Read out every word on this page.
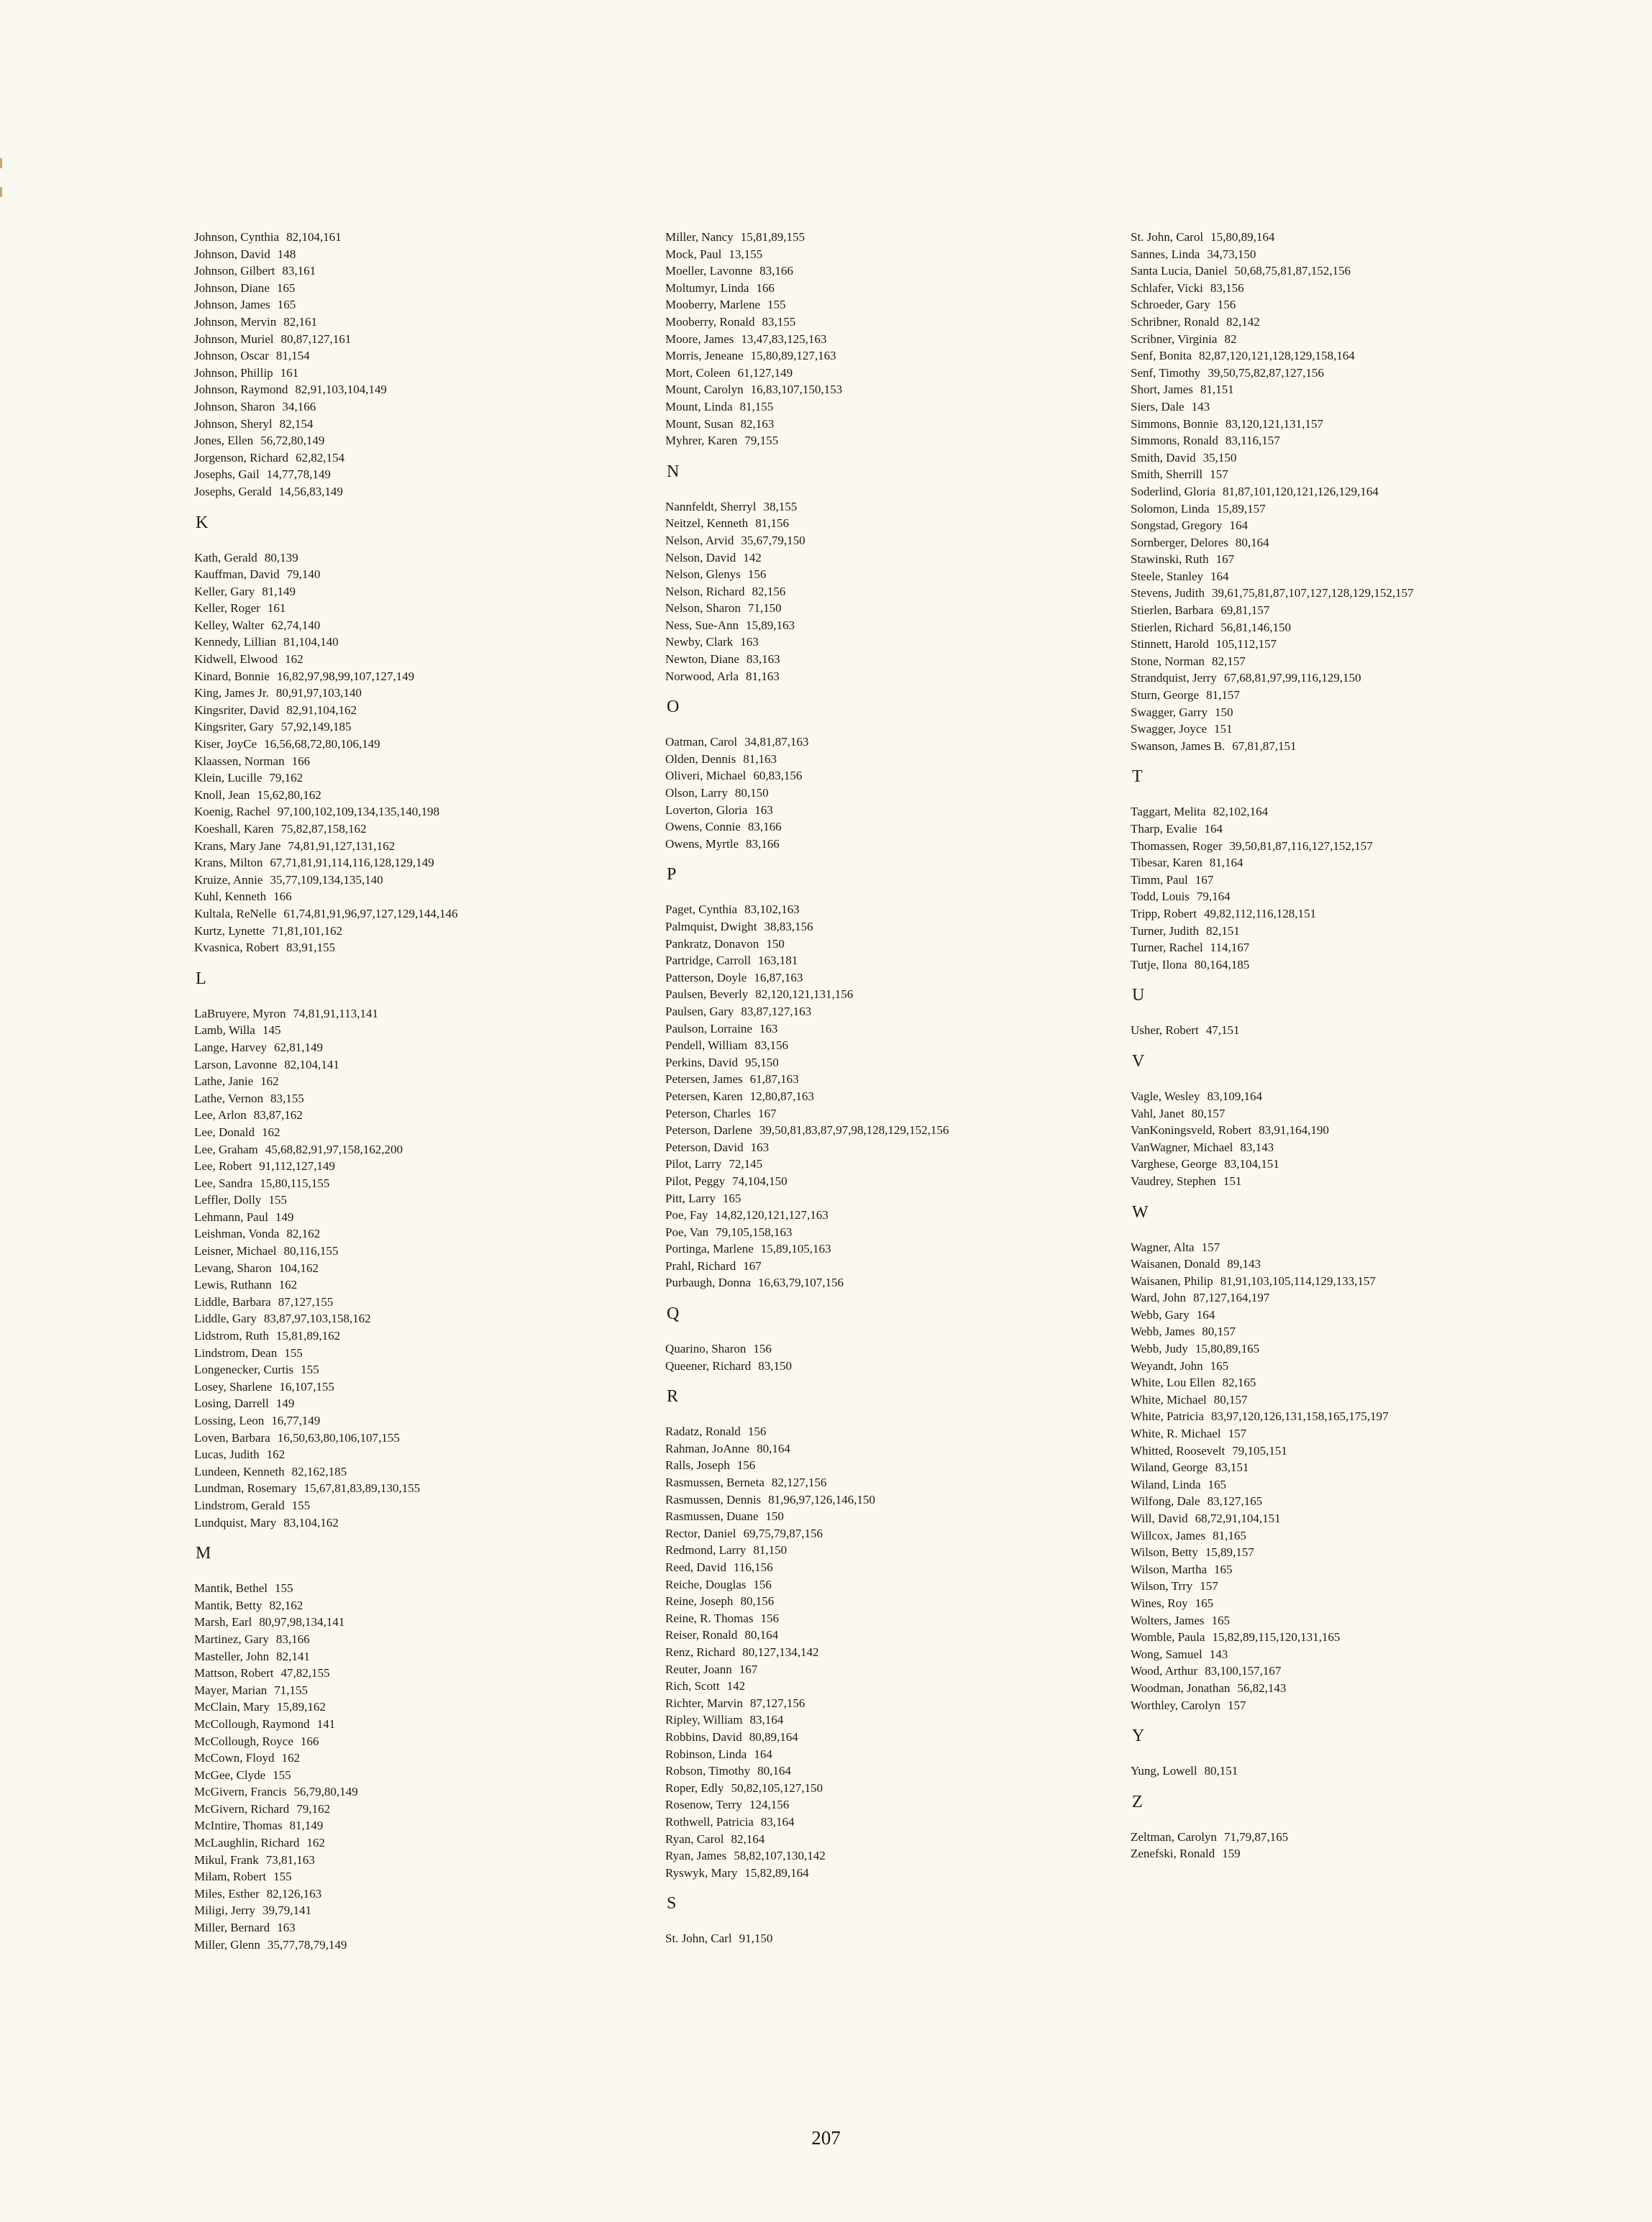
Johnson, Cynthia 82,104,161
Johnson, David 148
Johnson, Gilbert 83,161
Johnson, Diane 165
Johnson, James 165
Johnson, Mervin 82,161
Johnson, Muriel 80,87,127,161
Johnson, Oscar 81,154
Johnson, Phillip 161
Johnson, Raymond 82,91,103,104,149
Johnson, Sharon 34,166
Johnson, Sheryl 82,154
Jones, Ellen 56,72,80,149
Jorgenson, Richard 62,82,154
Josephs, Gail 14,77,78,149
Josephs, Gerald 14,56,83,149
K
Kath, Gerald 80,139
Kauffman, David 79,140
Keller, Gary 81,149
Keller, Roger 161
Kelley, Walter 62,74,140
Kennedy, Lillian 81,104,140
Kidwell, Elwood 162
Kinard, Bonnie 16,82,97,98,99,107,127,149
King, James Jr. 80,91,97,103,140
Kingsriter, David 82,91,104,162
Kingsriter, Gary 57,92,149,185
Kiser, JoyCe 16,56,68,72,80,106,149
Klaassen, Norman 166
Klein, Lucille 79,162
Knoll, Jean 15,62,80,162
Koenig, Rachel 97,100,102,109,134,135,140,198
Koeshall, Karen 75,82,87,158,162
Krans, Mary Jane 74,81,91,127,131,162
Krans, Milton 67,71,81,91,114,116,128,129,149
Kruize, Annie 35,77,109,134,135,140
Kuhl, Kenneth 166
Kultala, ReNelle 61,74,81,91,96,97,127,129,144,146
Kurtz, Lynette 71,81,101,162
Kvasnica, Robert 83,91,155
L
LaBruyere, Myron 74,81,91,113,141
Lamb, Willa 145
Lange, Harvey 62,81,149
Larson, Lavonne 82,104,141
Lathe, Janie 162
Lathe, Vernon 83,155
Lee, Arlon 83,87,162
Lee, Donald 162
Lee, Graham 45,68,82,91,97,158,162,200
Lee, Robert 91,112,127,149
Lee, Sandra 15,80,115,155
Leffler, Dolly 155
Lehmann, Paul 149
Leishman, Vonda 82,162
Leisner, Michael 80,116,155
Levang, Sharon 104,162
Lewis, Ruthann 162
Liddle, Barbara 87,127,155
Liddle, Gary 83,87,97,103,158,162
Lidstrom, Ruth 15,81,89,162
Lindstrom, Dean 155
Longenecker, Curtis 155
Losey, Sharlene 16,107,155
Losing, Darrell 149
Lossing, Leon 16,77,149
Loven, Barbara 16,50,63,80,106,107,155
Lucas, Judith 162
Lundeen, Kenneth 82,162,185
Lundman, Rosemary 15,67,81,83,89,130,155
Lindstrom, Gerald 155
Lundquist, Mary 83,104,162
M
Mantik, Bethel 155
Mantik, Betty 82,162
Marsh, Earl 80,97,98,134,141
Martinez, Gary 83,166
Masteller, John 82,141
Mattson, Robert 47,82,155
Mayer, Marian 71,155
McClain, Mary 15,89,162
McCollough, Raymond 141
McCollough, Royce 166
McCown, Floyd 162
McGee, Clyde 155
McGivern, Francis 56,79,80,149
McGivern, Richard 79,162
McIntire, Thomas 81,149
McLaughlin, Richard 162
Mikul, Frank 73,81,163
Milam, Robert 155
Miles, Esther 82,126,163
Miligi, Jerry 39,79,141
Miller, Bernard 163
Miller, Glenn 35,77,78,79,149
Miller, Nancy 15,81,89,155
Mock, Paul 13,155
Moeller, Lavonne 83,166
Moltumyr, Linda 166
Mooberry, Marlene 155
Mooberry, Ronald 83,155
Moore, James 13,47,83,125,163
Morris, Jeneane 15,80,89,127,163
Mort, Coleen 61,127,149
Mount, Carolyn 16,83,107,150,153
Mount, Linda 81,155
Mount, Susan 82,163
Myhrer, Karen 79,155
N
Nannfeldt, Sherryl 38,155
Neitzel, Kenneth 81,156
Nelson, Arvid 35,67,79,150
Nelson, David 142
Nelson, Glenys 156
Nelson, Richard 82,156
Nelson, Sharon 71,150
Ness, Sue-Ann 15,89,163
Newby, Clark 163
Newton, Diane 83,163
Norwood, Arla 81,163
O
Oatman, Carol 34,81,87,163
Olden, Dennis 81,163
Oliveri, Michael 60,83,156
Olson, Larry 80,150
Loverton, Gloria 163
Owens, Connie 83,166
Owens, Myrtle 83,166
P
Paget, Cynthia 83,102,163
Palmquist, Dwight 38,83,156
Pankratz, Donavon 150
Partridge, Carroll 163,181
Patterson, Doyle 16,87,163
Paulsen, Beverly 82,120,121,131,156
Paulsen, Gary 83,87,127,163
Paulson, Lorraine 163
Pendell, William 83,156
Perkins, David 95,150
Petersen, James 61,87,163
Petersen, Karen 12,80,87,163
Peterson, Charles 167
Peterson, Darlene 39,50,81,83,87,97,98,128,129,152,156
Peterson, David 163
Pilot, Larry 72,145
Pilot, Peggy 74,104,150
Pitt, Larry 165
Poe, Fay 14,82,120,121,127,163
Poe, Van 79,105,158,163
Portinga, Marlene 15,89,105,163
Prahl, Richard 167
Purbaugh, Donna 16,63,79,107,156
Q
Quarino, Sharon 156
Queener, Richard 83,150
R
Radatz, Ronald 156
Rahman, JoAnne 80,164
Ralls, Joseph 156
Rasmussen, Berneta 82,127,156
Rasmussen, Dennis 81,96,97,126,146,150
Rasmussen, Duane 150
Rector, Daniel 69,75,79,87,156
Redmond, Larry 81,150
Reed, David 116,156
Reiche, Douglas 156
Reine, Joseph 80,156
Reine, R. Thomas 156
Reiser, Ronald 80,164
Renz, Richard 80,127,134,142
Reuter, Joann 167
Rich, Scott 142
Richter, Marvin 87,127,156
Ripley, William 83,164
Robbins, David 80,89,164
Robinson, Linda 164
Robson, Timothy 80,164
Roper, Edly 50,82,105,127,150
Rosenow, Terry 124,156
Rothwell, Patricia 83,164
Ryan, Carol 82,164
Ryan, James 58,82,107,130,142
Ryswyk, Mary 15,82,89,164
S
St. John, Carl 91,150
St. John, Carol 15,80,89,164
Sannes, Linda 34,73,150
Santa Lucia, Daniel 50,68,75,81,87,152,156
Schlafer, Vicki 83,156
Schroeder, Gary 156
Schribner, Ronald 82,142
Scribner, Virginia 82
Senf, Bonita 82,87,120,121,128,129,158,164
Senf, Timothy 39,50,75,82,87,127,156
Short, James 81,151
Siers, Dale 143
Simmons, Bonnie 83,120,121,131,157
Simmons, Ronald 83,116,157
Smith, David 35,150
Smith, Sherrill 157
Soderlind, Gloria 81,87,101,120,121,126,129,164
Solomon, Linda 15,89,157
Songstad, Gregory 164
Sornberger, Delores 80,164
Stawinski, Ruth 167
Steele, Stanley 164
Stevens, Judith 39,61,75,81,87,107,127,128,129,152,157
Stierlen, Barbara 69,81,157
Stierlen, Richard 56,81,146,150
Stinnett, Harold 105,112,157
Stone, Norman 82,157
Strandquist, Jerry 67,68,81,97,99,116,129,150
Sturn, George 81,157
Swagger, Garry 150
Swagger, Joyce 151
Swanson, James B. 67,81,87,151
T
Taggart, Melita 82,102,164
Tharp, Evalie 164
Thomassen, Roger 39,50,81,87,116,127,152,157
Tibesar, Karen 81,164
Timm, Paul 167
Todd, Louis 79,164
Tripp, Robert 49,82,112,116,128,151
Turner, Judith 82,151
Turner, Rachel 114,167
Tutje, Ilona 80,164,185
U
Usher, Robert 47,151
V
Vagle, Wesley 83,109,164
Vahl, Janet 80,157
VanKoningsveld, Robert 83,91,164,190
VanWagner, Michael 83,143
Varghese, George 83,104,151
Vaudrey, Stephen 151
W
Wagner, Alta 157
Waisanen, Donald 89,143
Waisanen, Philip 81,91,103,105,114,129,133,157
Ward, John 87,127,164,197
Webb, Gary 164
Webb, James 80,157
Webb, Judy 15,80,89,165
Weyandt, John 165
White, Lou Ellen 82,165
White, Michael 80,157
White, Patricia 83,97,120,126,131,158,165,175,197
White, R. Michael 157
Whitted, Roosevelt 79,105,151
Wiland, George 83,151
Wiland, Linda 165
Wilfong, Dale 83,127,165
Will, David 68,72,91,104,151
Willcox, James 81,165
Wilson, Betty 15,89,157
Wilson, Martha 165
Wilson, Trry 157
Wines, Roy 165
Wolters, James 165
Womble, Paula 15,82,89,115,120,131,165
Wong, Samuel 143
Wood, Arthur 83,100,157,167
Woodman, Jonathan 56,82,143
Worthley, Carolyn 157
Y
Yung, Lowell 80,151
Z
Zeltman, Carolyn 71,79,87,165
Zenefski, Ronald 159
207
